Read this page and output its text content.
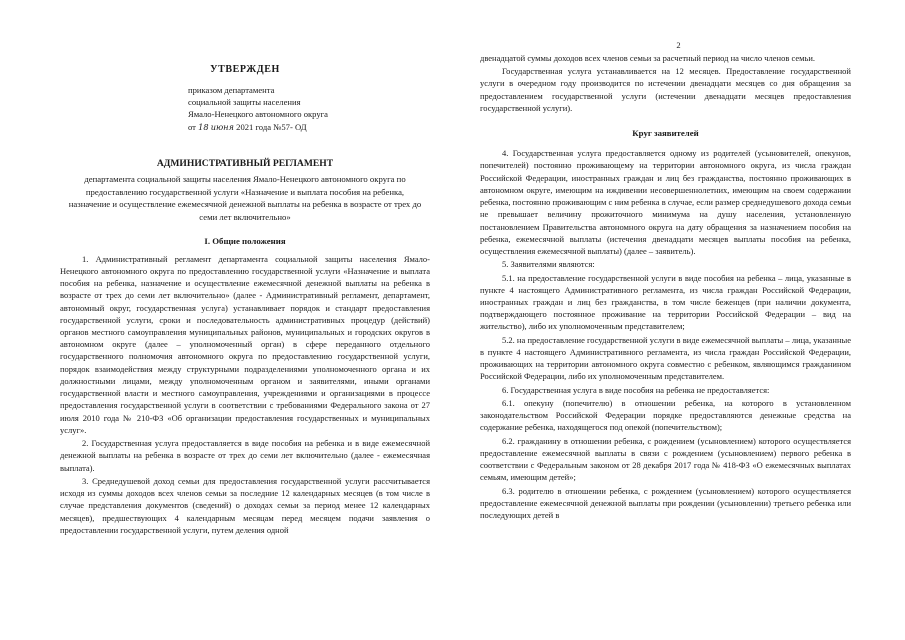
УТВЕРЖДЕН
приказом департамента
социальной защиты населения
Ямало-Ненецкого автономного округа
от 18 июня 2021 года №57- ОД
АДМИНИСТРАТИВНЫЙ РЕГЛАМЕНТ
департамента социальной защиты населения Ямало-Ненецкого автономного округа по предоставлению государственной услуги «Назначение и выплата пособия на ребенка, назначение и осуществление ежемесячной денежной выплаты на ребенка в возрасте от трех до семи лет включительно»
I. Общие положения

1. Административный регламент департамента социальной защиты населения Ямало-Ненецкого автономного округа по предоставлению государственной услуги «Назначение и выплата пособия на ребенка, назначение и осуществление ежемесячной денежной выплаты на ребенка в возрасте от трех до семи лет включительно» (далее - Административный регламент, департамент, автономный округ, государственная услуга) устанавливает порядок и стандарт предоставления государственной услуги, сроки и последовательность административных процедур (действий) органов местного самоуправления муниципальных районов, муниципальных и городских округов в автономном округе (далее – уполномоченный орган) в сфере переданного отдельного государственного полномочия автономного округа по предоставлению государственной услуги, порядок взаимодействия между структурными подразделениями уполномоченного органа и их должностными лицами, между уполномоченным органом и заявителями, иными органами государственной власти и местного самоуправления, учреждениями и организациями в процессе предоставления государственной услуги в соответствии с требованиями Федерального закона от 27 июля 2010 года № 210-ФЗ «Об организации предоставления государственных и муниципальных услуг».

2. Государственная услуга предоставляется в виде пособия на ребенка и в виде ежемесячной денежной выплаты на ребенка в возрасте от трех до семи лет включительно (далее - ежемесячная выплата).

3. Среднедушевой доход семьи для предоставления государственной услуги рассчитывается исходя из суммы доходов всех членов семьи за последние 12 календарных месяцев (в том числе в случае представления документов (сведений) о доходах семьи за период менее 12 календарных месяцев), предшествующих 4 календарным месяцам перед месяцем подачи заявления о предоставлении государственной услуги, путем деления одной

2

двенадцатой суммы доходов всех членов семьи за расчетный период на число членов семьи.

Государственная услуга устанавливается на 12 месяцев. Предоставление государственной услуги в очередном году производится по истечении двенадцати месяцев со дня обращения за предоставлением государственной услуги (истечении двенадцати месяцев предоставления государственной услуги).

Круг заявителей

4. Государственная услуга предоставляется одному из родителей (усыновителей, опекунов, попечителей) постоянно проживающему на территории автономного округа, из числа граждан Российской Федерации, иностранных граждан и лиц без гражданства, постоянно проживающих в автономном округе, имеющим на иждивении несовершеннолетних, имеющим на своем содержании ребенка, постоянно проживающим с ним ребенка в случае, если размер среднедушевого дохода семьи не превышает величину прожиточного минимума на душу населения, установленную постановлением Правительства автономного округа на дату обращения за назначением пособия на ребенка, ежемесячной выплаты (истечения двенадцати месяцев выплаты пособия на ребенка, осуществления ежемесячной выплаты) (далее – заявитель).

5. Заявителями являются:

5.1. на предоставление государственной услуги в виде пособия на ребенка – лица, указанные в пункте 4 настоящего Административного регламента, из числа граждан Российской Федерации, иностранных граждан и лиц без гражданства, в том числе беженцев (при наличии документа, подтверждающего постоянное проживание на территории Российской Федерации – вид на жительство), либо их уполномоченным представителем;

5.2. на предоставление государственной услуги в виде ежемесячной выплаты – лица, указанные в пункте 4 настоящего Административного регламента, из числа граждан Российской Федерации, проживающих на территории автономного округа совместно с ребенком, являющимся гражданином Российской Федерации, либо их уполномоченным представителем.

6. Государственная услуга в виде пособия на ребенка не предоставляется:

6.1. опекуну (попечителю) в отношении ребенка, на которого в установленном законодательством Российской Федерации порядке предоставляются денежные средства на содержание ребенка, находящегося под опекой (попечительством);

6.2. гражданину в отношении ребенка, с рождением (усыновлением) которого осуществляется предоставление ежемесячной выплаты в связи с рождением (усыновлением) первого ребенка в соответствии с Федеральным законом от 28 декабря 2017 года № 418-ФЗ «О ежемесячных выплатах семьям, имеющим детей»;

6.3. родителю в отношении ребенка, с рождением (усыновлением) которого осуществляется предоставление ежемесячной денежной выплаты при рождении (усыновлении) третьего ребенка или последующих детей в
